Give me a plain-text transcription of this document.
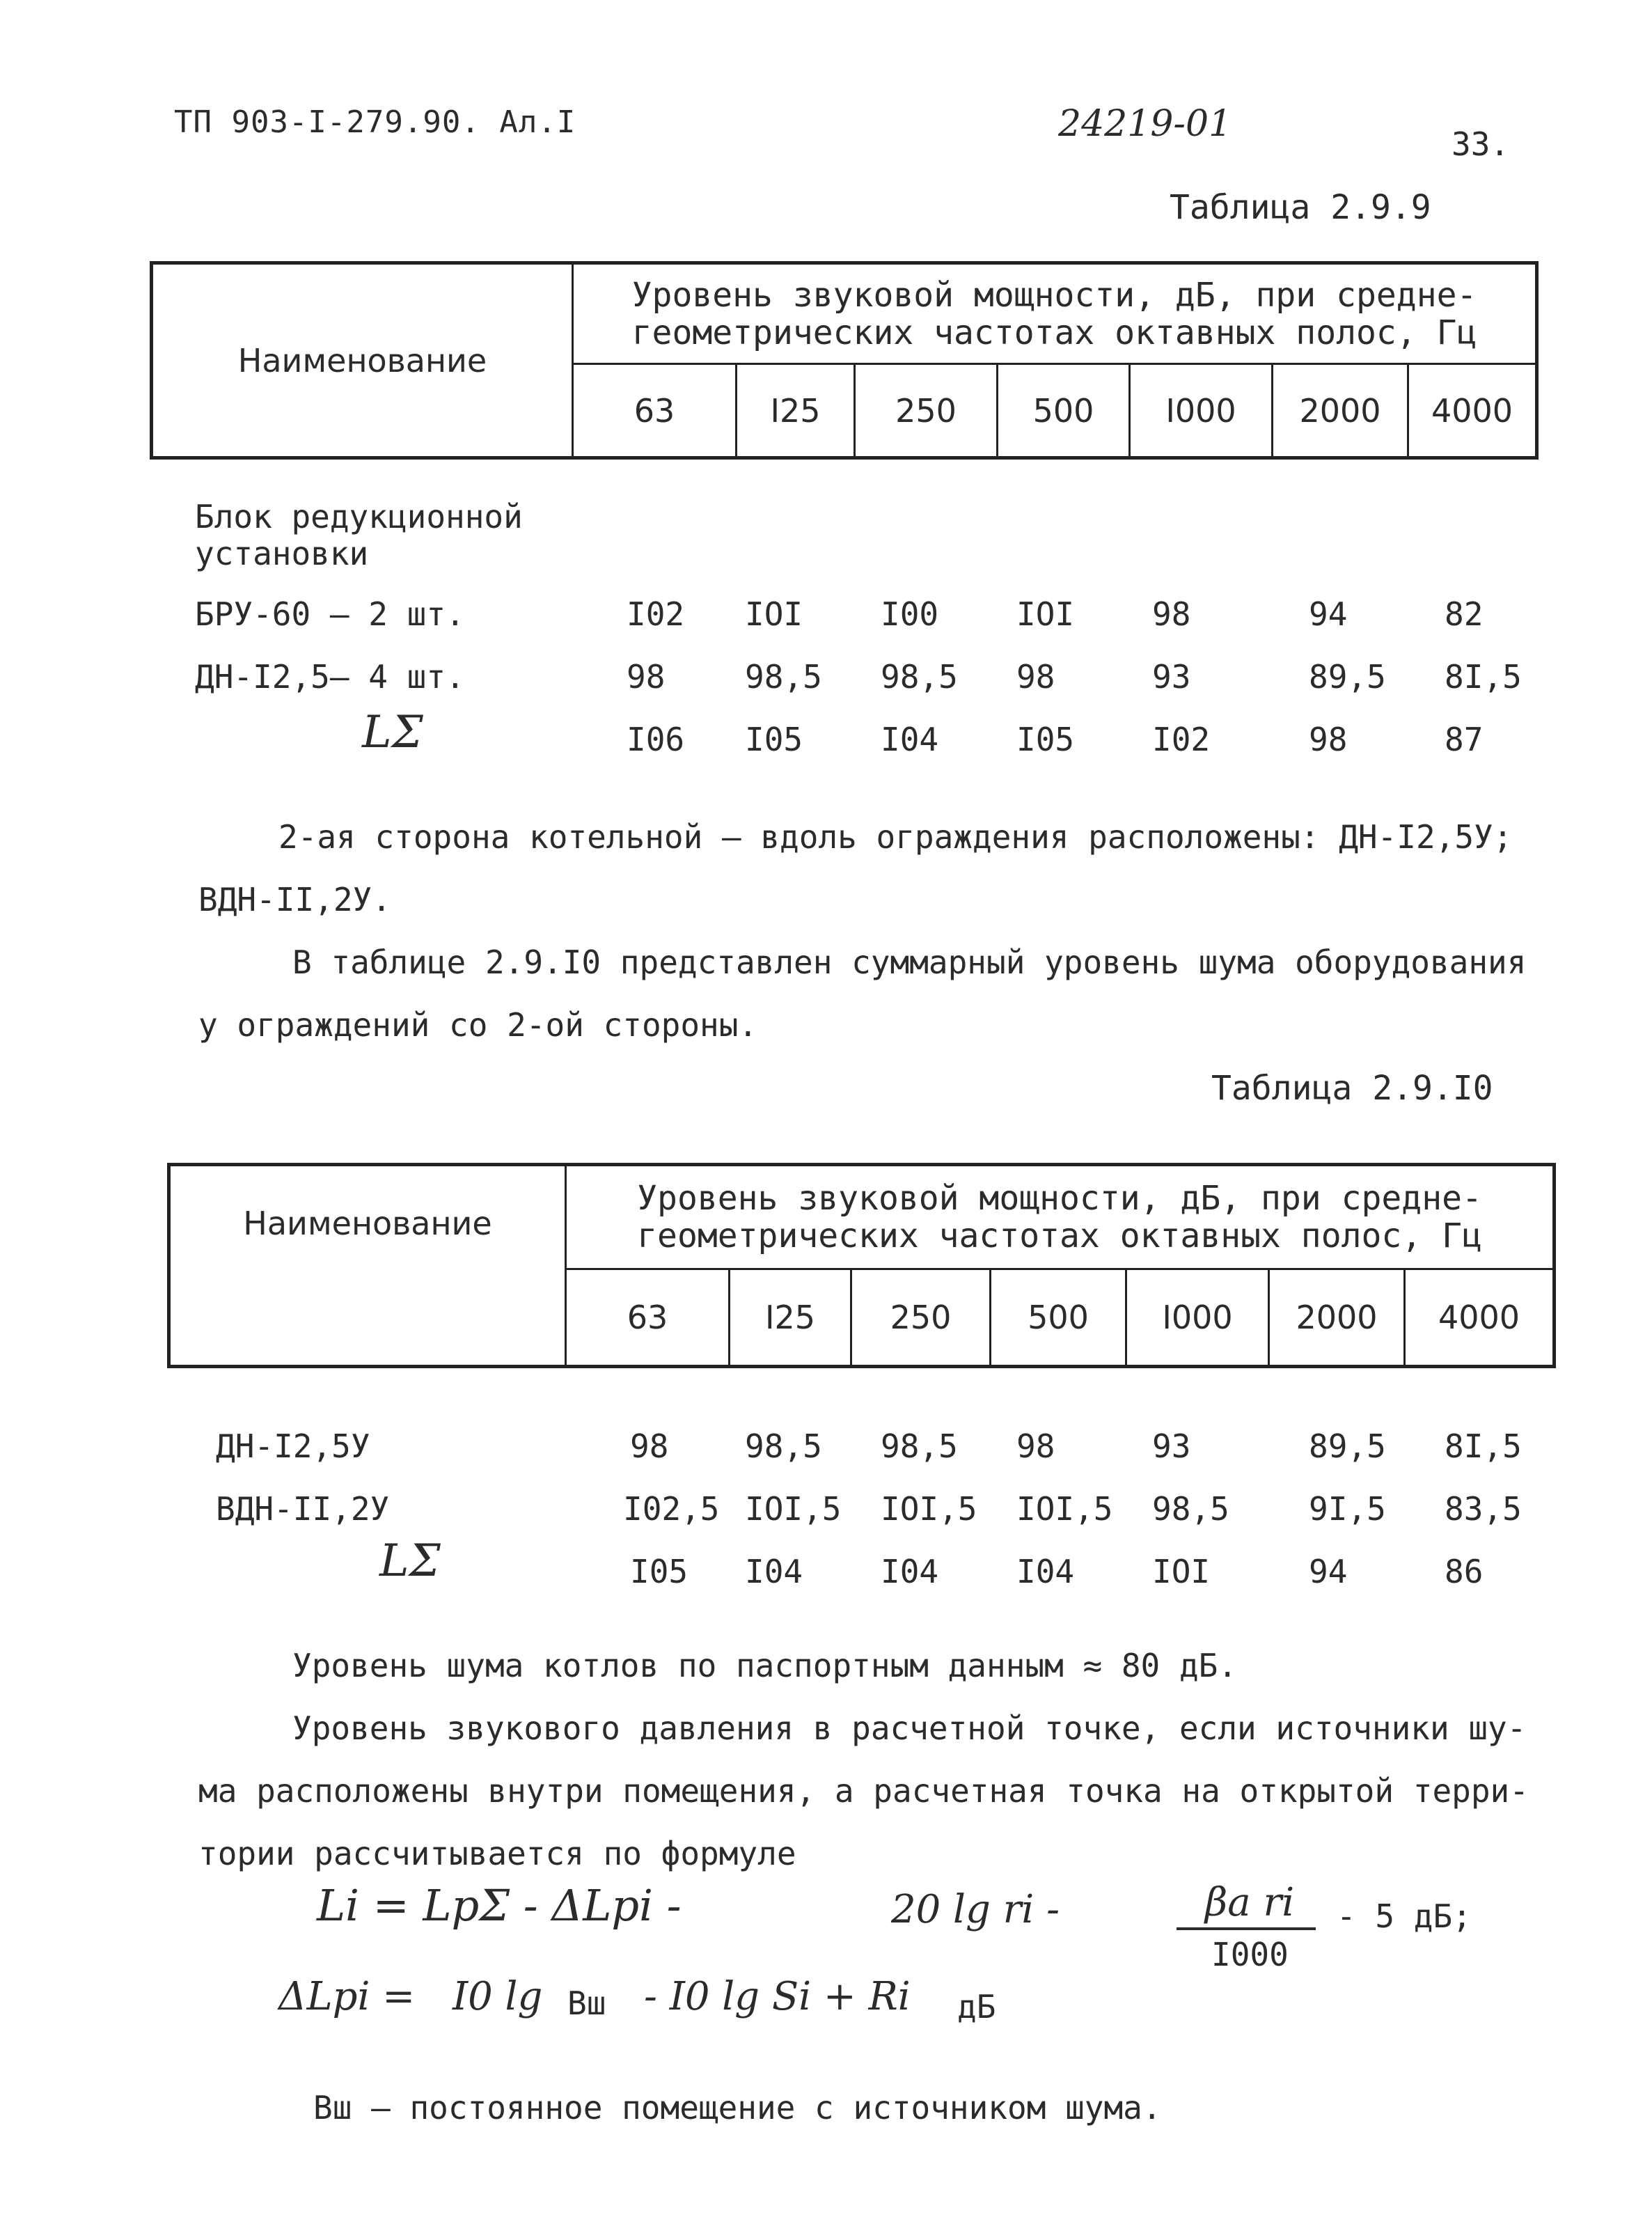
ТП 903-I-279.90. Ал.I	24219-01	33.
Таблица 2.9.9
Наименование	Уровень звуковой мощности, дБ, при средне-
геометрических частотах октавных полос, Гц						

	63	I25	250	500	I000	2000	4000
Блок редукционной
установки
БРУ-60 – 2 шт.	I02 IOI I00 IOI 98	94	82
ДН-I2,5– 4 шт.	98 98,5 98,5 98	93	89,5 8I,5
LΣ	I06 I05 I04 I05 I02	98	87
2-ая сторона котельной – вдоль ограждения расположены: ДН-I2,5У;
ВДН-II,2У.
В таблице 2.9.I0 представлен суммарный уровень шума оборудования
у ограждений со 2-ой стороны.
Таблица 2.9.I0
Наименование	Уровень звуковой мощности, дБ, при средне-
геометрических частотах октавных полос, Гц						

	63	I25	250	500	I000	2000	4000
ДН-I2,5У	98 98,5 98,5 98	93	89,5 8I,5
ВДН-II,2У	I02,5 IOI,5 IOI,5 IOI,5 98,5 9I,5 83,5
LΣ	I05 I04 I04 I04 IOI	94	86
Уровень шума котлов по паспортным данным ≈ 80 дБ.
Уровень звукового давления в расчетной точке, если источники шу-
ма расположены внутри помещения, а расчетная точка на открытой терри-
тории рассчитывается по формуле
Li = LpΣ - ΔLpi -	20 lg ri -	βa ri
I000
- 5 дБ;
ΔLpi = I0 lg Вш - I0 lg Si + Ri дБ
Вш – постоянное помещение с источником шума.
